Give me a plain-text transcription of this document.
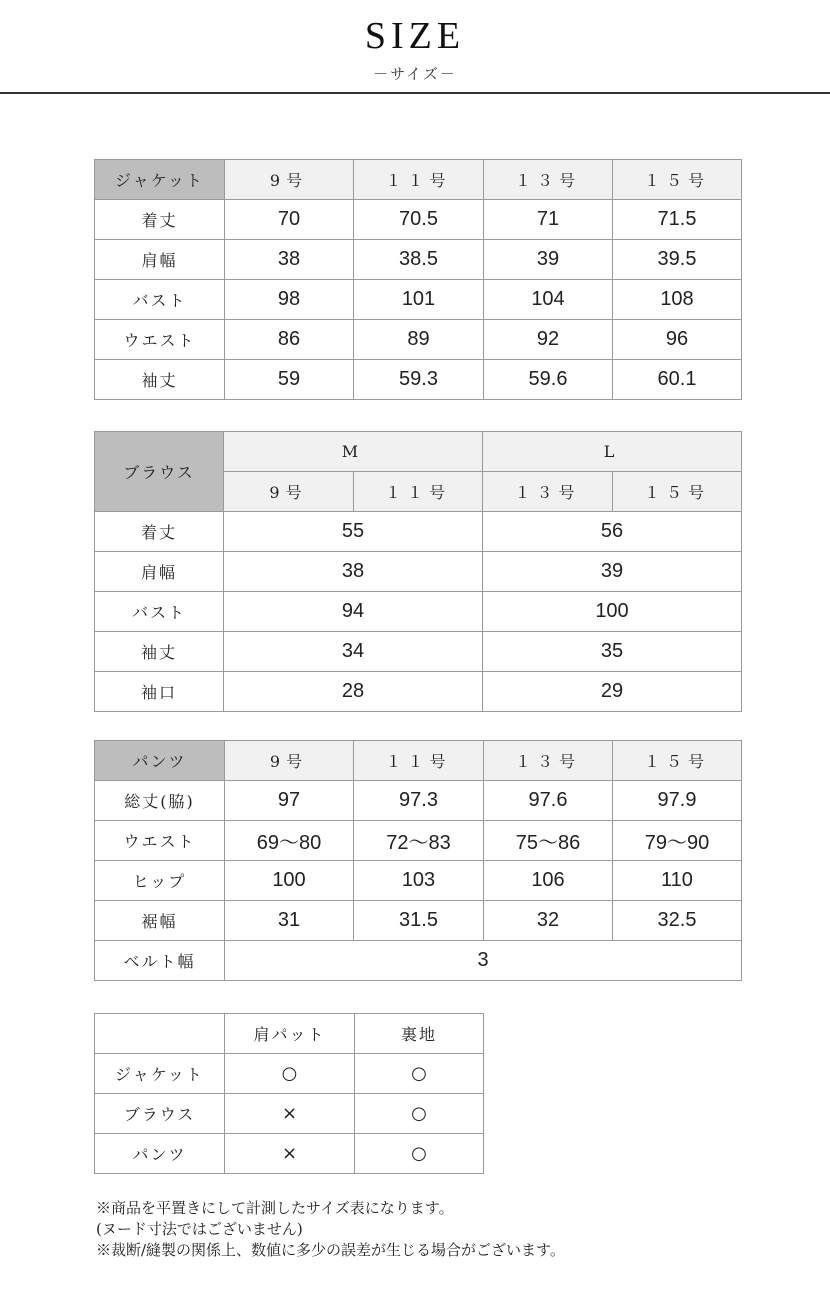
SIZE
－サイズ－
ジャケット	9号	１１号	１３号	１５号
着丈	70	70.5	71	71.5
肩幅	38	38.5	39	39.5
バスト	98	101	104	108
ウエスト	86	89	92	96
袖丈	59	59.3	59.6	60.1
ブラウス	M		L	
	9号	１１号	１３号	１５号
着丈	55		56	
肩幅	38		39	
バスト	94		100	
袖丈	34		35	
袖口	28		29	
パンツ	9号	１１号	１３号	１５号
総丈(脇)	97	97.3	97.6	97.9
ウエスト	69〜80	72〜83	75〜86	79〜90
ヒップ	100	103	106	110
裾幅	31	31.5	32	32.5
ベルト幅	3			
	肩パット	裏地
ジャケット	○	○
ブラウス	×	○
パンツ	×	○
※商品を平置きにして計測したサイズ表になります。
(ヌード寸法ではございません)
※裁断/縫製の関係上、数値に多少の誤差が生じる場合がございます。
